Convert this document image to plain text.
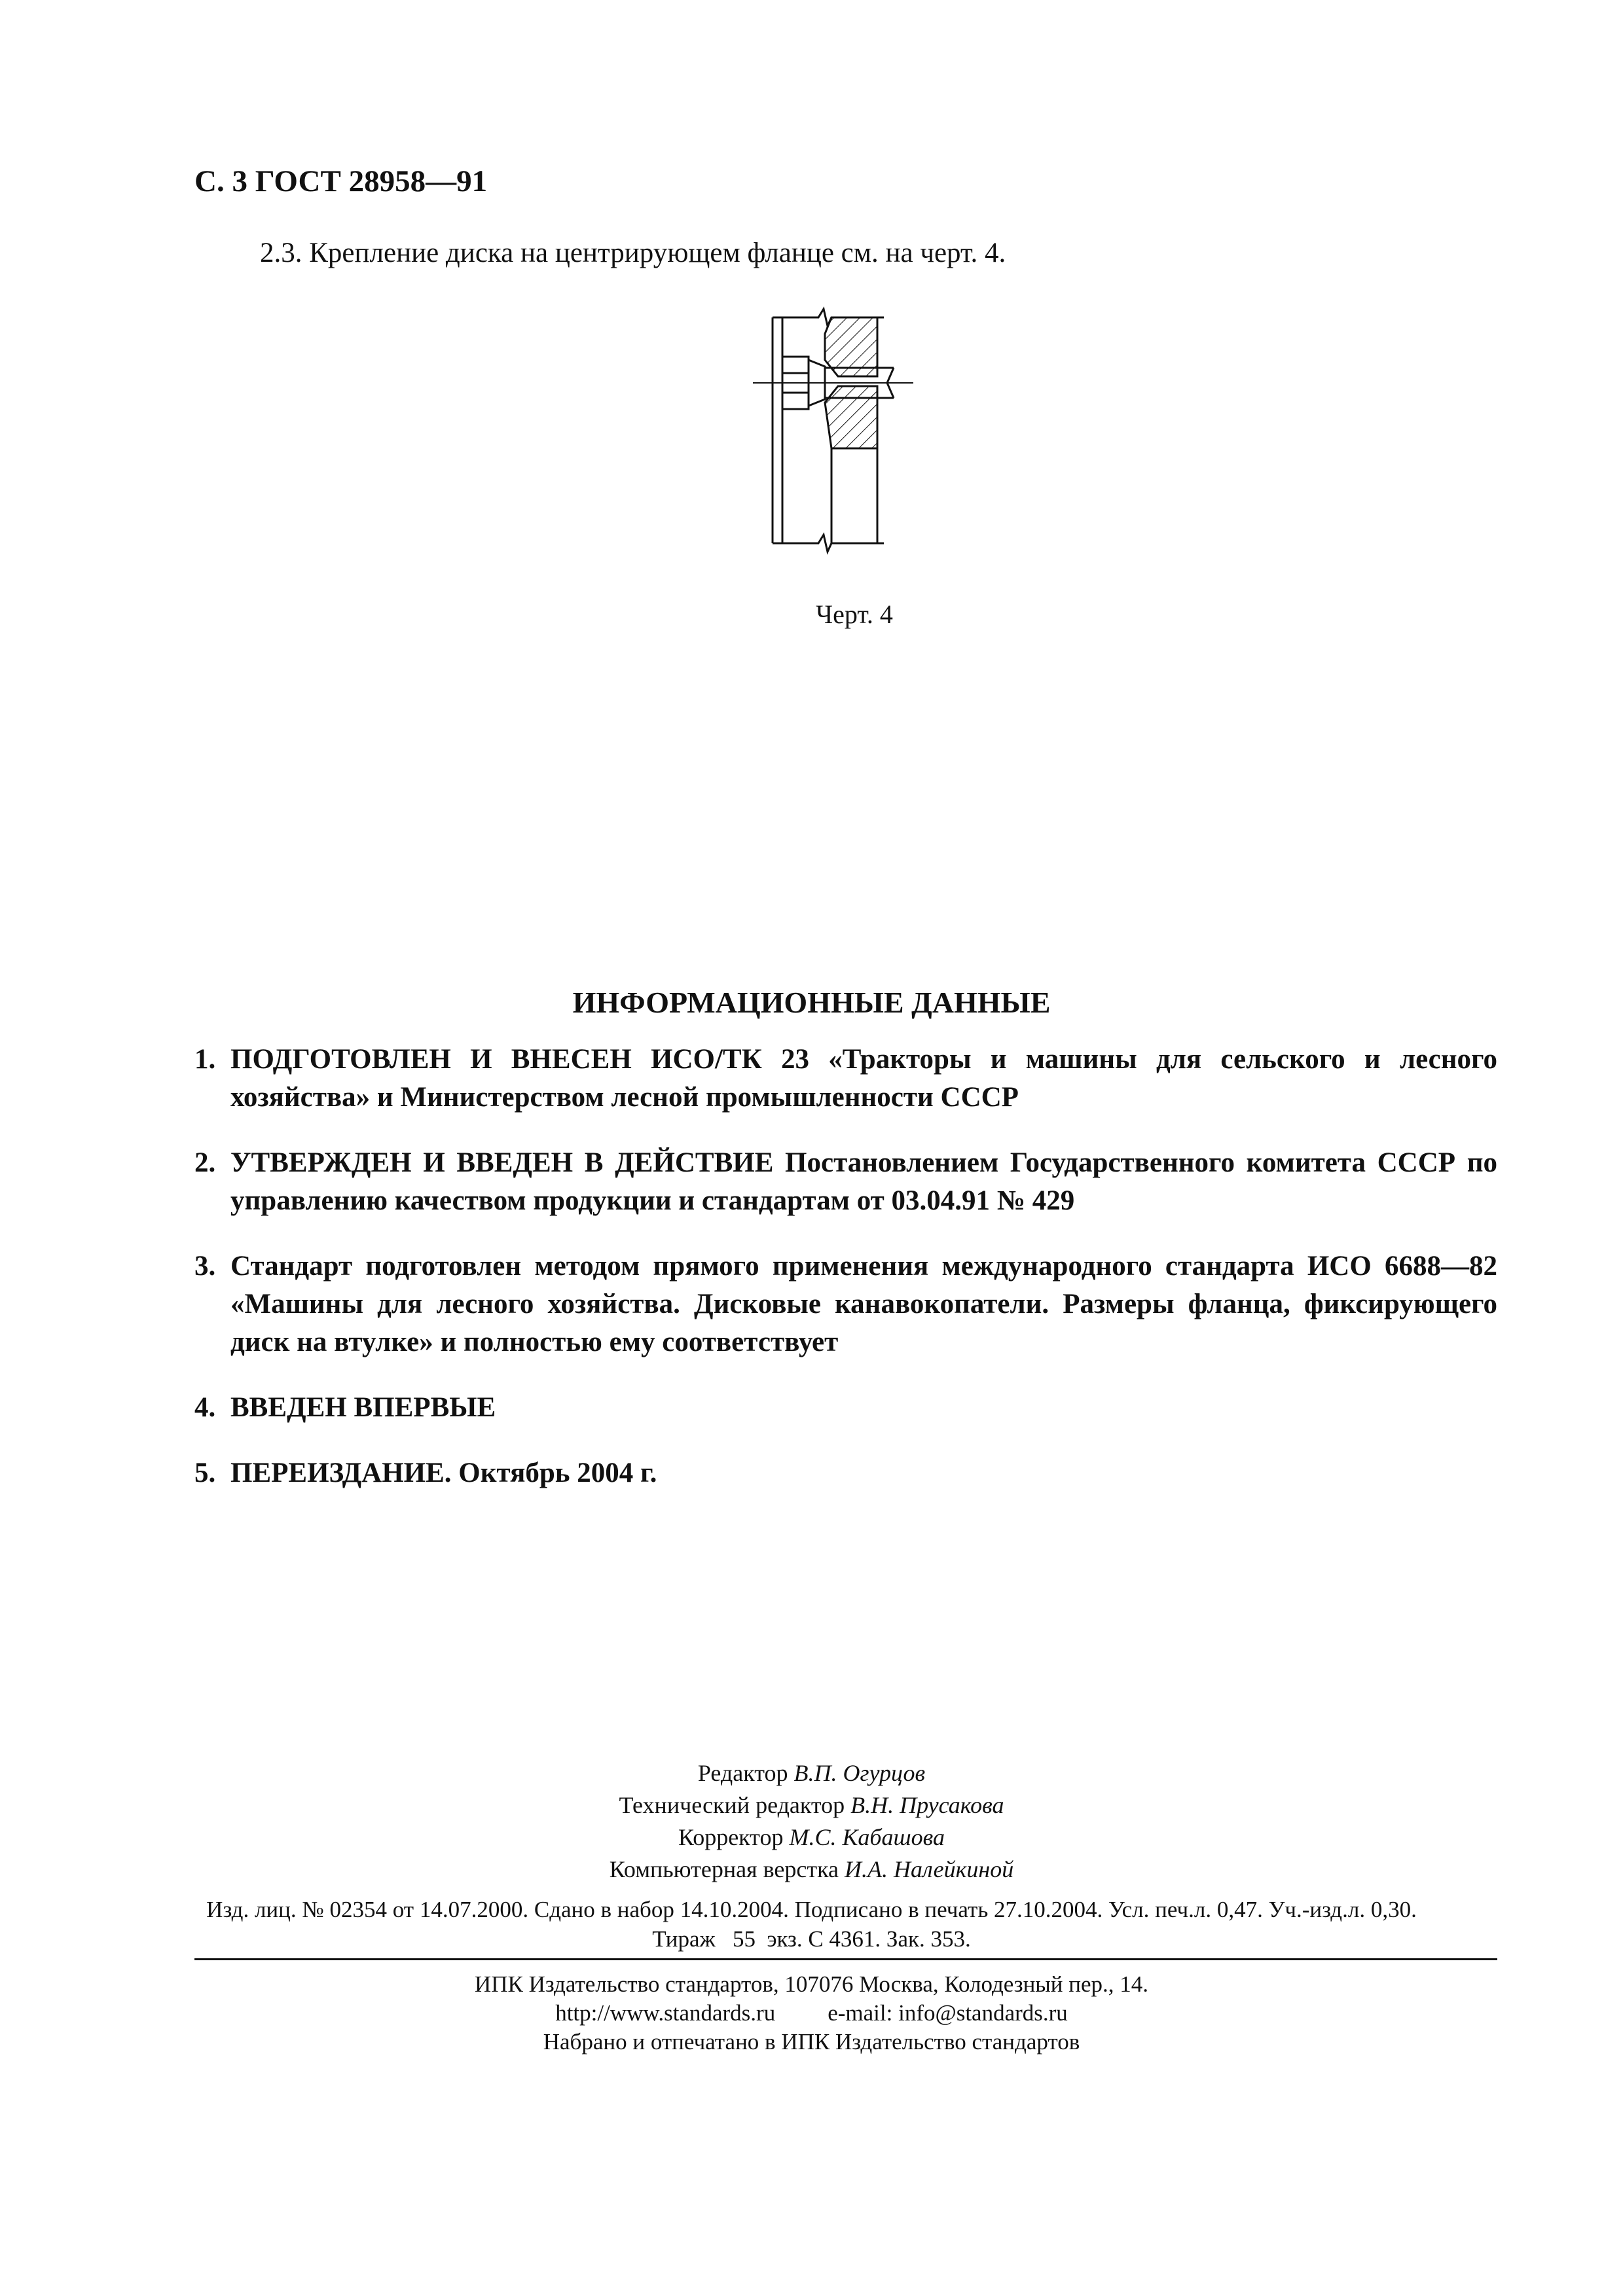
С. 3 ГОСТ 28958—91
2.3. Крепление диска на центрирующем фланце см. на черт. 4.
Черт. 4
ИНФОРМАЦИОННЫЕ ДАННЫЕ
1. ПОДГОТОВЛЕН И ВНЕСЕН ИСО/ТК 23 «Тракторы и машины для сельского и лесного хозяйства» и Министерством лесной промышленности СССР
2. УТВЕРЖДЕН И ВВЕДЕН В ДЕЙСТВИЕ Постановлением Государственного комитета СССР по управлению качеством продукции и стандартам от 03.04.91 № 429
3. Стандарт подготовлен методом прямого применения международного стандарта ИСО 6688—82 «Машины для лесного хозяйства. Дисковые канавокопатели. Размеры фланца, фиксирующего диск на втулке» и полностью ему соответствует
4. ВВЕДЕН ВПЕРВЫЕ
5. ПЕРЕИЗДАНИЕ. Октябрь 2004 г.
Редактор В.П. Огурцов
Технический редактор В.Н. Прусакова
Корректор М.С. Кабашова
Компьютерная верстка И.А. Налейкиной
Изд. лиц. № 02354 от 14.07.2000. Сдано в набор 14.10.2004. Подписано в печать 27.10.2004. Усл. печ.л. 0,47. Уч.-изд.л. 0,30.
Тираж   55  экз. С 4361. Зак. 353.
ИПК Издательство стандартов, 107076 Москва, Колодезный пер., 14.
http://www.standards.ru e-mail: info@standards.ru
Набрано и отпечатано в ИПК Издательство стандартов
